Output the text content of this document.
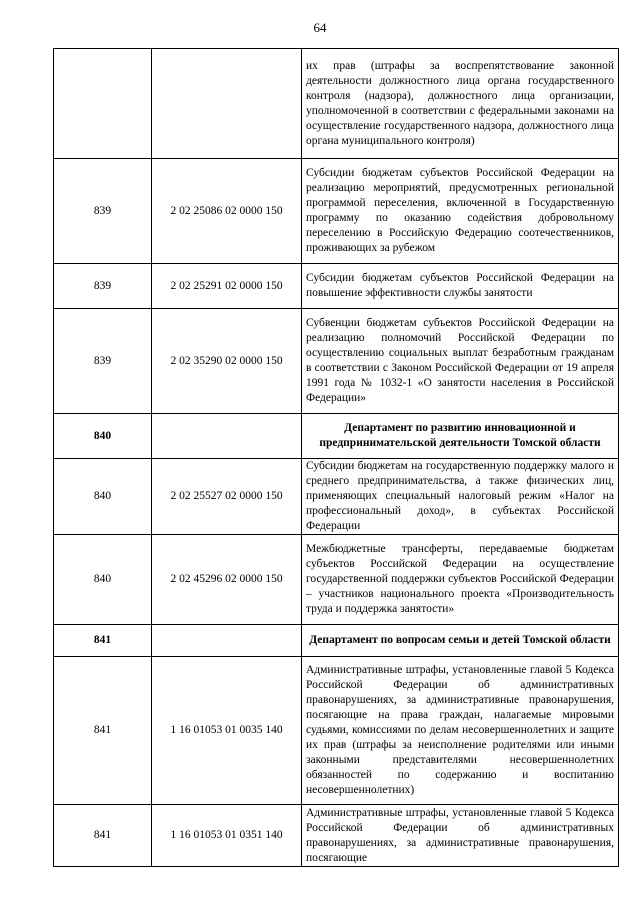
64

		их прав (штрафы за воспрепятствование законной деятельности должностного лица органа государственного контроля (надзора), должностного лица организации, уполномоченной в соответствии с федеральными законами на осуществление государственного надзора, должностного лица органа муниципального контроля)

839	2 02 25086 02 0000 150	Субсидии бюджетам субъектов Российской Федерации на реализацию мероприятий, предусмотренных региональной программой переселения, включенной в Государственную программу по оказанию содействия добровольному переселению в Российскую Федерацию соотечественников, проживающих за рубежом

839	2 02 25291 02 0000 150	Субсидии бюджетам субъектов Российской Федерации на повышение эффективности службы занятости

839	2 02 35290 02 0000 150	Субвенции бюджетам субъектов Российской Федерации на реализацию полномочий Российской Федерации по осуществлению социальных выплат безработным гражданам в соответствии с Законом Российской Федерации от 19 апреля 1991 года № 1032-1 «О занятости населения в Российской Федерации»

840		Департамент по развитию инновационной и предпринимательской деятельности Томской области

840	2 02 25527 02 0000 150	Субсидии бюджетам на государственную поддержку малого и среднего предпринимательства, а также физических лиц, применяющих специальный налоговый режим «Налог на профессиональный доход», в субъектах Российской Федерации

840	2 02 45296 02 0000 150	Межбюджетные трансферты, передаваемые бюджетам субъектов Российской Федерации на осуществление государственной поддержки субъектов Российской Федерации – участников национального проекта «Производительность труда и поддержка занятости»

841		Департамент по вопросам семьи и детей Томской области

841	1 16 01053 01 0035 140	Административные штрафы, установленные главой 5 Кодекса Российской Федерации об административных правонарушениях, за административные правонарушения, посягающие на права граждан, налагаемые мировыми судьями, комиссиями по делам несовершеннолетних и защите их прав (штрафы за неисполнение родителями или иными законными представителями несовершеннолетних обязанностей по содержанию и воспитанию несовершеннолетних)

841	1 16 01053 01 0351 140	Административные штрафы, установленные главой 5 Кодекса Российской Федерации об административных правонарушениях, за административные правонарушения, посягающие
